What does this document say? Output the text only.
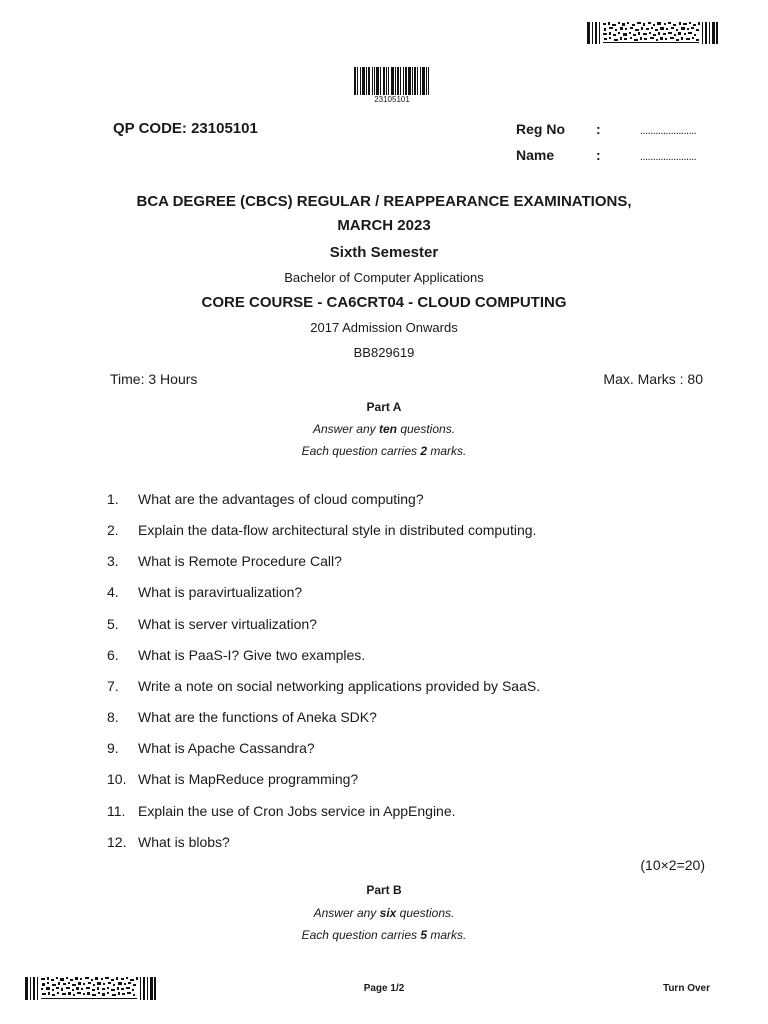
23105101
QP CODE: 23105101	Reg No :	......................
Name	:	......................
BCA DEGREE (CBCS) REGULAR / REAPPEARANCE EXAMINATIONS,
MARCH 2023
Sixth Semester
Bachelor of Computer Applications
CORE COURSE - CA6CRT04 - CLOUD COMPUTING
2017 Admission Onwards
BB829619
Time: 3 Hours	Max. Marks : 80
Part A
Answer any ten questions.
Each question carries 2 marks.
1. What are the advantages of cloud computing?
2. Explain the data-flow architectural style in distributed computing.
3. What is Remote Procedure Call?
4. What is paravirtualization?
5. What is server virtualization?
6. What is PaaS-I? Give two examples.
7. Write a note on social networking applications provided by SaaS.
8. What are the functions of Aneka SDK?
9. What is Apache Cassandra?
10. What is MapReduce programming?
11. Explain the use of Cron Jobs service in AppEngine.
12. What is blobs?
(10×2=20)
Part B
Answer any six questions.
Each question carries 5 marks.
Page 1/2	Turn Over
